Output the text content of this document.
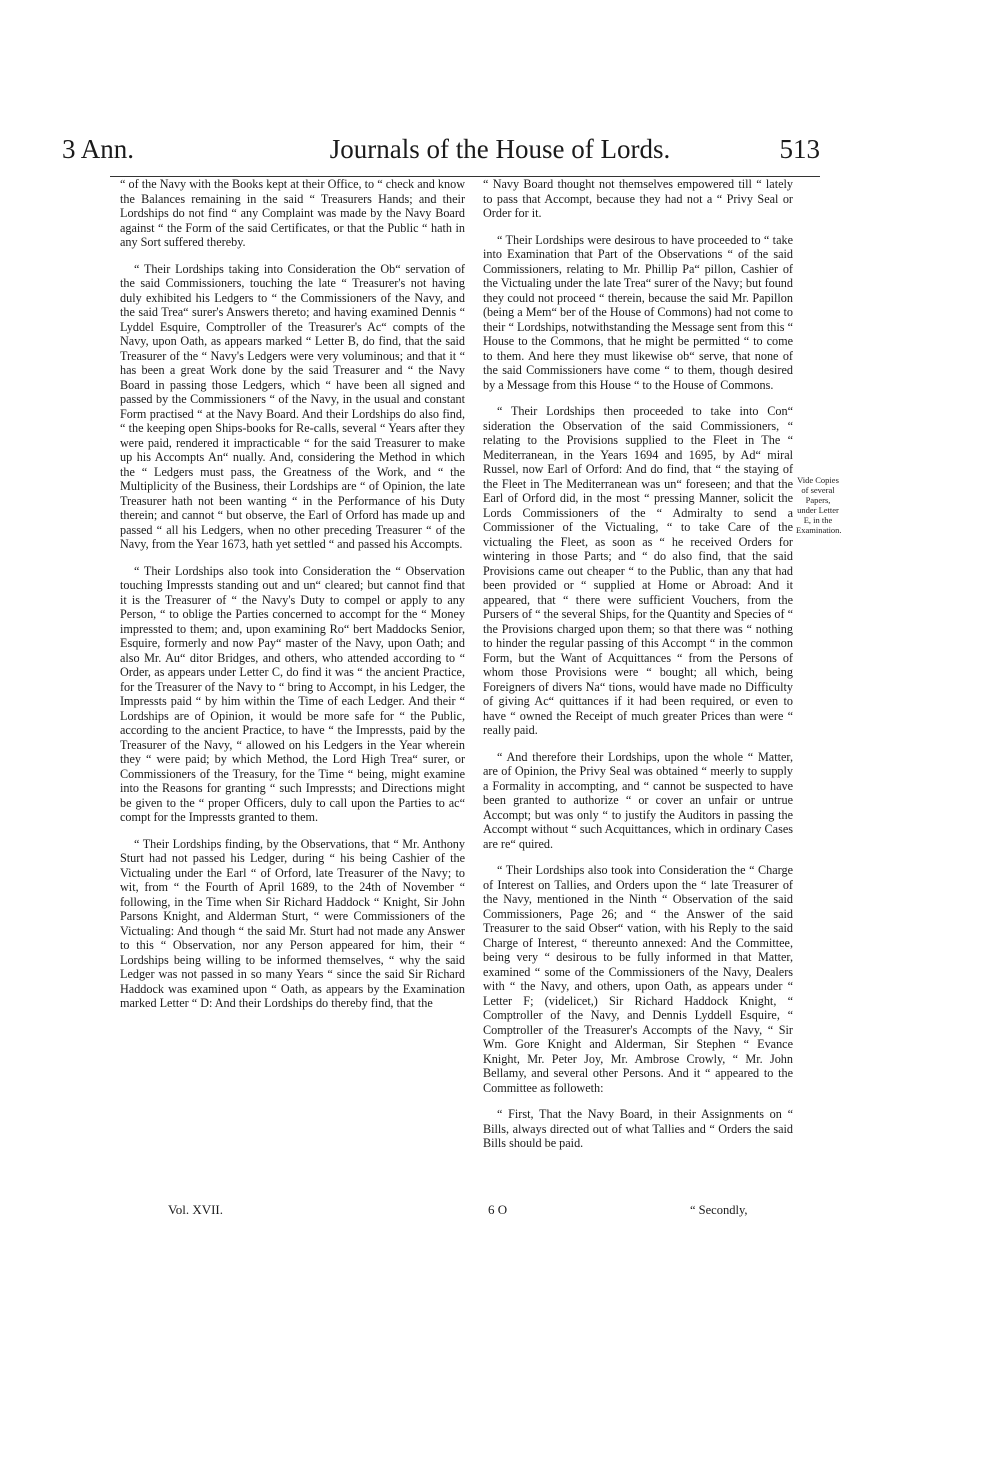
3 Ann.	Journals of the House of Lords.	513

“ of the Navy with the Books kept at their Office, to “ check and know the Balances remaining in the said “ Treasurers Hands; and their Lordships do not find “ any Complaint was made by the Navy Board against “ the Form of the said Certificates, or that the Public “ hath in any Sort suffered thereby.

“ Their Lordships taking into Consideration the Ob“ servation of the said Commissioners, touching the late “ Treasurer's not having duly exhibited his Ledgers to “ the Commissioners of the Navy, and the said Trea“ surer's Answers thereto; and having examined Dennis “ Lyddel Esquire, Comptroller of the Treasurer's Ac“ compts of the Navy, upon Oath, as appears marked “ Letter B, do find, that the said Treasurer of the “ Navy's Ledgers were very voluminous; and that it “ has been a great Work done by the said Treasurer and “ the Navy Board in passing those Ledgers, which “ have been all signed and passed by the Commissioners “ of the Navy, in the usual and constant Form practised “ at the Navy Board. And their Lordships do also find, “ the keeping open Ships-books for Re-calls, several “ Years after they were paid, rendered it impracticable “ for the said Treasurer to make up his Accompts An“ nually. And, considering the Method in which the “ Ledgers must pass, the Greatness of the Work, and “ the Multiplicity of the Business, their Lordships are “ of Opinion, the late Treasurer hath not been wanting “ in the Performance of his Duty therein; and cannot “ but observe, the Earl of Orford has made up and passed “ all his Ledgers, when no other preceding Treasurer “ of the Navy, from the Year 1673, hath yet settled “ and passed his Accompts.

“ Their Lordships also took into Consideration the “ Observation touching Impressts standing out and un“ cleared; but cannot find that it is the Treasurer of “ the Navy's Duty to compel or apply to any Person, “ to oblige the Parties concerned to accompt for the “ Money impressted to them; and, upon examining Ro“ bert Maddocks Senior, Esquire, formerly and now Pay“ master of the Navy, upon Oath; and also Mr. Au“ ditor Bridges, and others, who attended according to “ Order, as appears under Letter C, do find it was “ the ancient Practice, for the Treasurer of the Navy to “ bring to Accompt, in his Ledger, the Impressts paid “ by him within the Time of each Ledger. And their “ Lordships are of Opinion, it would be more safe for “ the Public, according to the ancient Practice, to have “ the Impressts, paid by the Treasurer of the Navy, “ allowed on his Ledgers in the Year wherein they “ were paid; by which Method, the Lord High Trea“ surer, or Commissioners of the Treasury, for the Time “ being, might examine into the Reasons for granting “ such Impressts; and Directions might be given to the “ proper Officers, duly to call upon the Parties to ac“ compt for the Impressts granted to them.

“ Their Lordships finding, by the Observations, that “ Mr. Anthony Sturt had not passed his Ledger, during “ his being Cashier of the Victualing under the Earl “ of Orford, late Treasurer of the Navy; to wit, from “ the Fourth of April 1689, to the 24th of November “ following, in the Time when Sir Richard Haddock “ Knight, Sir John Parsons Knight, and Alderman Sturt, “ were Commissioners of the Victualing: And though “ the said Mr. Sturt had not made any Answer to this “ Observation, nor any Person appeared for him, their “ Lordships being willing to be informed themselves, “ why the said Ledger was not passed in so many Years “ since the said Sir Richard Haddock was examined upon “ Oath, as appears by the Examination marked Letter “ D: And their Lordships do thereby find, that the

“ Navy Board thought not themselves empowered till “ lately to pass that Accompt, because they had not a “ Privy Seal or Order for it.

“ Their Lordships were desirous to have proceeded to “ take into Examination that Part of the Observations “ of the said Commissioners, relating to Mr. Phillip Pa“ pillon, Cashier of the Victualing under the late Trea“ surer of the Navy; but found they could not proceed “ therein, because the said Mr. Papillon (being a Mem“ ber of the House of Commons) had not come to their “ Lordships, notwithstanding the Message sent from this “ House to the Commons, that he might be permitted “ to come to them. And here they must likewise ob“ serve, that none of the said Commissioners have come “ to them, though desired by a Message from this House “ to the House of Commons.

“ Their Lordships then proceeded to take into Con“ sideration the Observation of the said Commissioners, “ relating to the Provisions supplied to the Fleet in The “ Mediterranean, in the Years 1694 and 1695, by Ad“ miral Russel, now Earl of Orford: And do find, that “ the staying of the Fleet in The Mediterranean was un“ foreseen; and that the Earl of Orford did, in the most “ pressing Manner, solicit the Lords Commissioners of the “ Admiralty to send a Commissioner of the Victualing, “ to take Care of the victualing the Fleet, as soon as “ he received Orders for wintering in those Parts; and “ do also find, that the said Provisions came out cheaper “ to the Public, than any that had been provided or “ supplied at Home or Abroad: And it appeared, that “ there were sufficient Vouchers, from the Pursers of “ the several Ships, for the Quantity and Species of “ the Provisions charged upon them; so that there was “ nothing to hinder the regular passing of this Accompt “ in the common Form, but the Want of Acquittances “ from the Persons of whom those Provisions were “ bought; all which, being Foreigners of divers Na“ tions, would have made no Difficulty of giving Ac“ quittances if it had been required, or even to have “ owned the Receipt of much greater Prices than were “ really paid.

“ And therefore their Lordships, upon the whole “ Matter, are of Opinion, the Privy Seal was obtained “ meerly to supply a Formality in accompting, and “ cannot be suspected to have been granted to authorize “ or cover an unfair or untrue Accompt; but was only “ to justify the Auditors in passing the Accompt without “ such Acquittances, which in ordinary Cases are re“ quired.

“ Their Lordships also took into Consideration the “ Charge of Interest on Tallies, and Orders upon the “ late Treasurer of the Navy, mentioned in the Ninth “ Observation of the said Commissioners, Page 26; and “ the Answer of the said Treasurer to the said Obser“ vation, with his Reply to the said Charge of Interest, “ thereunto annexed: And the Committee, being very “ desirous to be fully informed in that Matter, examined “ some of the Commissioners of the Navy, Dealers with “ the Navy, and others, upon Oath, as appears under “ Letter F; (videlicet,) Sir Richard Haddock Knight, “ Comptroller of the Navy, and Dennis Lyddell Esquire, “ Comptroller of the Treasurer's Accompts of the Navy, “ Sir Wm. Gore Knight and Alderman, Sir Stephen “ Evance Knight, Mr. Peter Joy, Mr. Ambrose Crowly, “ Mr. John Bellamy, and several other Persons. And it “ appeared to the Committee as followeth:

“ First, That the Navy Board, in their Assignments on “ Bills, always directed out of what Tallies and “ Orders the said Bills should be paid.

Vide Copies of several Papers, under Letter E, in the Examination.
Vol. XVII.	6 O	“ Secondly,
